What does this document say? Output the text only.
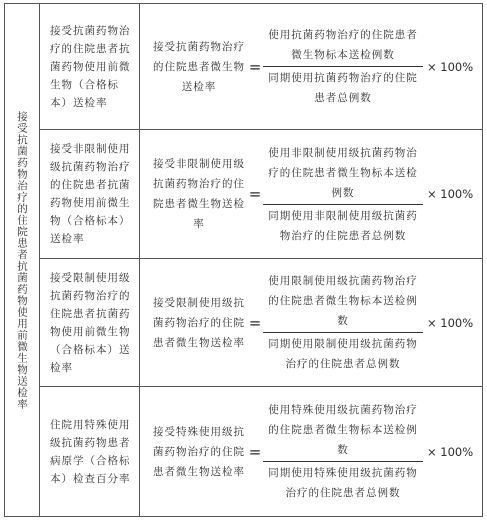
接受抗菌药物治疗的住院患者抗菌药物使用前微生物送检率
接受抗菌药物治疗的住院患者抗菌药物使用前微生物（合格标本）送检率
接受抗菌药物治疗的住院患者微生物送检率
= $\frac{\text{使用抗菌药物治疗的住院患者微生物标本送检例数}}{\text{同期使用抗菌药物治疗的住院患者总例数}} \times 100\%$
接受非限制使用级抗菌药物治疗的住院患者抗菌药物使用前微生物（合格标本）送检率
接受非限制使用级抗菌药物治疗的住院患者微生物送检率
= $\frac{\text{使用非限制使用级抗菌药物治疗的住院患者微生物标本送检例数}}{\text{同期使用非限制使用级抗菌药物治疗的住院患者总例数}} \times 100\%$
接受限制使用级抗菌药物治疗的住院患者抗菌药物使用前微生物（合格标本）送检率
接受限制使用级抗菌药物治疗的住院患者微生物送检率
= $\frac{\text{使用限制使用级抗菌药物治疗的住院患者微生物标本送检例数}}{\text{同期使用限制使用级抗菌药物治疗的住院患者总例数}} \times 100\%$
住院用特殊使用级抗菌药物患者病原学（合格标本）检查百分率
接受特殊使用级抗菌药物治疗的住院患者微生物送检率
= $\frac{\text{使用特殊使用级抗菌药物治疗的住院患者微生物标本送检例数}}{\text{同期使用特殊使用级抗菌药物治疗的住院患者总例数}} \times 100\%$
